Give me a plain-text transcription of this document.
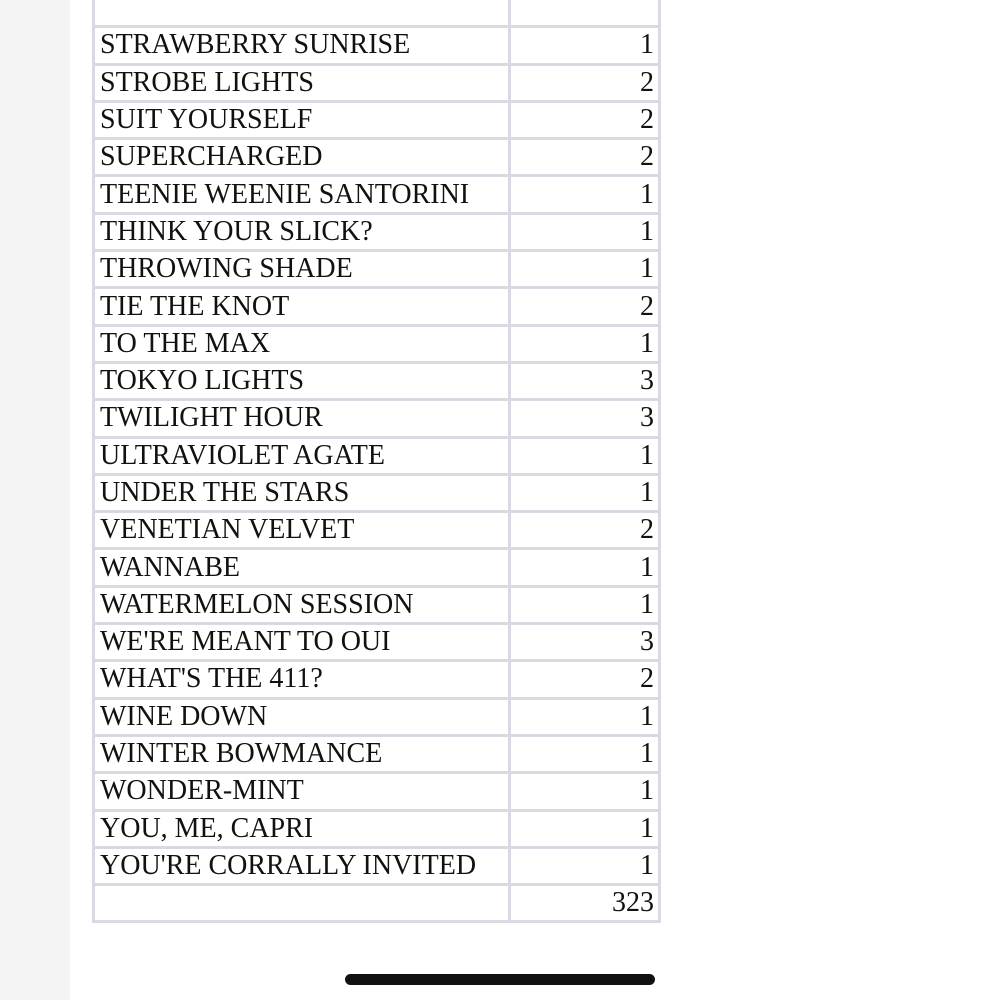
STRAWBERRY SUNRISE	1
STROBE LIGHTS	2
SUIT YOURSELF	2
SUPERCHARGED	2
TEENIE WEENIE SANTORINI	1
THINK YOUR SLICK?	1
THROWING SHADE	1
TIE THE KNOT	2
TO THE MAX	1
TOKYO LIGHTS	3
TWILIGHT HOUR	3
ULTRAVIOLET AGATE	1
UNDER THE STARS	1
VENETIAN VELVET	2
WANNABE	1
WATERMELON SESSION	1
WE'RE MEANT TO OUI	3
WHAT'S THE 411?	2
WINE DOWN	1
WINTER BOWMANCE	1
WONDER-MINT	1
YOU, ME, CAPRI	1
YOU'RE CORRALLY INVITED	1
	323
